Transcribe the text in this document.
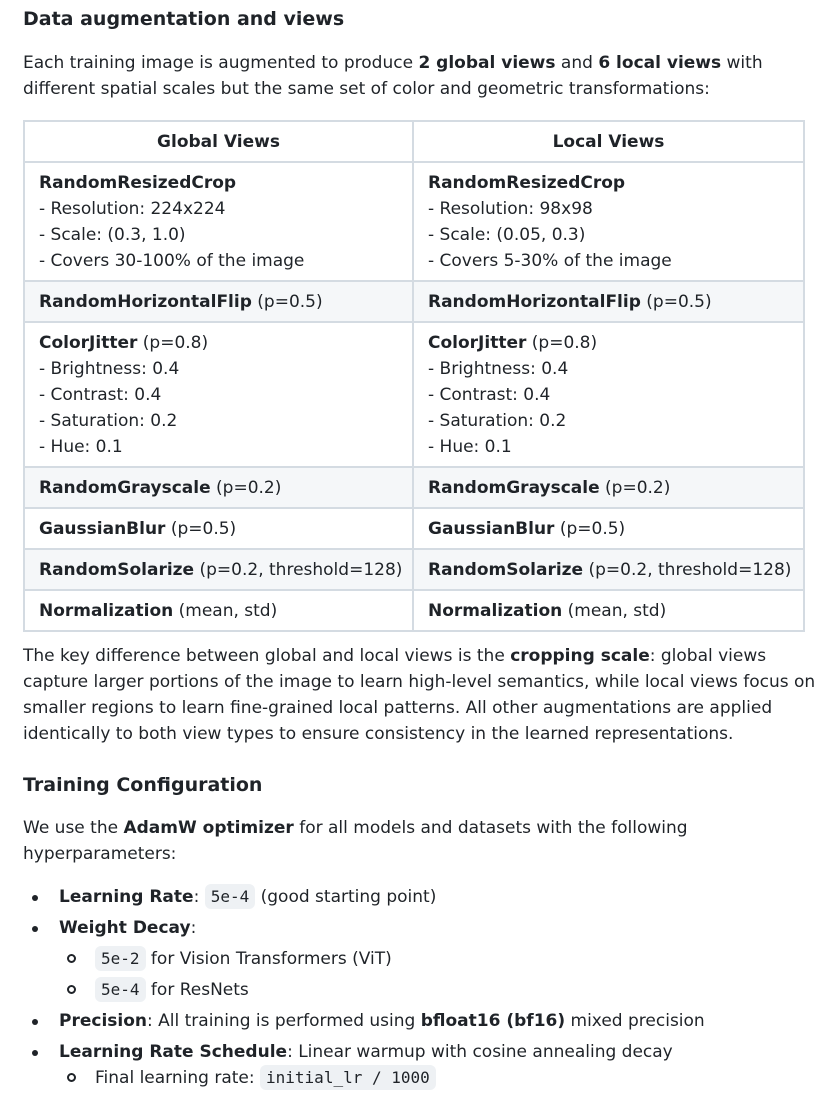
Data augmentation and views

Each training image is augmented to produce 2 global views and 6 local views with different spatial scales but the same set of color and geometric transformations:

Global Views	Local Views

RandomResizedCrop
- Resolution: 224x224
- Scale: (0.3, 1.0)
- Covers 30-100% of the image	RandomResizedCrop
- Resolution: 98x98
- Scale: (0.05, 0.3)
- Covers 5-30% of the image

RandomHorizontalFlip (p=0.5)	RandomHorizontalFlip (p=0.5)

ColorJitter (p=0.8)
- Brightness: 0.4
- Contrast: 0.4
- Saturation: 0.2
- Hue: 0.1	ColorJitter (p=0.8)
- Brightness: 0.4
- Contrast: 0.4
- Saturation: 0.2
- Hue: 0.1

RandomGrayscale (p=0.2)	RandomGrayscale (p=0.2)

GaussianBlur (p=0.5)	GaussianBlur (p=0.5)

RandomSolarize (p=0.2, threshold=128)	RandomSolarize (p=0.2, threshold=128)

Normalization (mean, std)	Normalization (mean, std)

The key difference between global and local views is the cropping scale: global views capture larger portions of the image to learn high-level semantics, while local views focus on smaller regions to learn fine-grained local patterns. All other augmentations are applied identically to both view types to ensure consistency in the learned representations.

Training Configuration

We use the AdamW optimizer for all models and datasets with the following hyperparameters:

Learning Rate: 5e-4 (good starting point)
Weight Decay:
5e-2 for Vision Transformers (ViT)
5e-4 for ResNets
Precision: All training is performed using bfloat16 (bf16) mixed precision
Learning Rate Schedule: Linear warmup with cosine annealing decay
Final learning rate: initial_lr / 1000
